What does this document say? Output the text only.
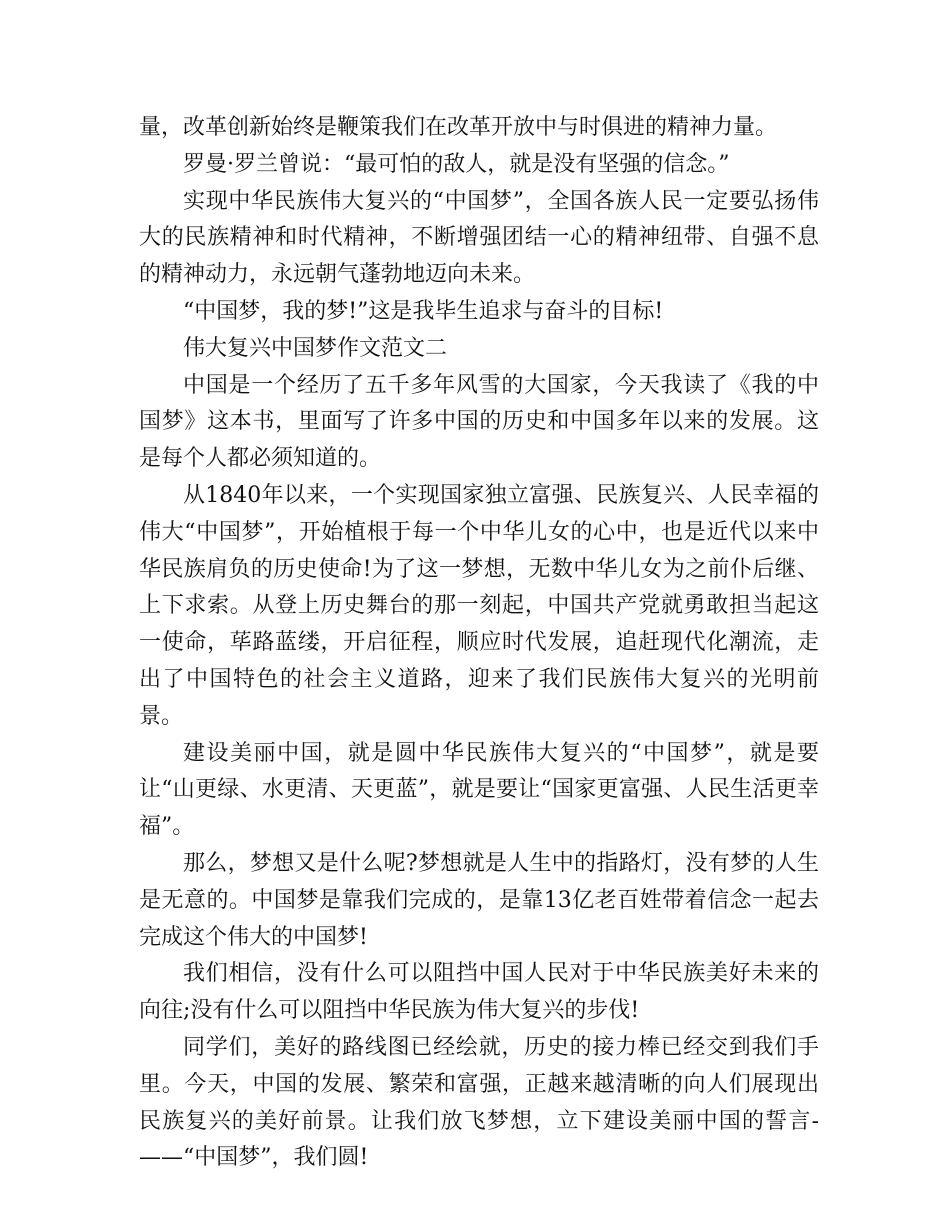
量，改革创新始终是鞭策我们在改革开放中与时俱进的精神力量。

罗曼·罗兰曾说：“最可怕的敌人，就是没有坚强的信念。”

实现中华民族伟大复兴的“中国梦”，全国各族人民一定要弘扬伟大的民族精神和时代精神，不断增强团结一心的精神纽带、自强不息的精神动力，永远朝气蓬勃地迈向未来。

“中国梦，我的梦!”这是我毕生追求与奋斗的目标!

伟大复兴中国梦作文范文二

中国是一个经历了五千多年风雪的大国家，今天我读了《我的中国梦》这本书，里面写了许多中国的历史和中国多年以来的发展。这是每个人都必须知道的。

从1840年以来，一个实现国家独立富强、民族复兴、人民幸福的伟大“中国梦”，开始植根于每一个中华儿女的心中，也是近代以来中华民族肩负的历史使命!为了这一梦想，无数中华儿女为之前仆后继、上下求索。从登上历史舞台的那一刻起，中国共产党就勇敢担当起这一使命，荜路蓝缕，开启征程，顺应时代发展，追赶现代化潮流，走出了中国特色的社会主义道路，迎来了我们民族伟大复兴的光明前景。

建设美丽中国，就是圆中华民族伟大复兴的“中国梦”，就是要让“山更绿、水更清、天更蓝”，就是要让“国家更富强、人民生活更幸福”。

那么，梦想又是什么呢?梦想就是人生中的指路灯，没有梦的人生是无意的。中国梦是靠我们完成的，是靠13亿老百姓带着信念一起去完成这个伟大的中国梦!

我们相信，没有什么可以阻挡中国人民对于中华民族美好未来的向往;没有什么可以阻挡中华民族为伟大复兴的步伐!

同学们，美好的路线图已经绘就，历史的接力棒已经交到我们手里。今天，中国的发展、繁荣和富强，正越来越清晰的向人们展现出民族复兴的美好前景。让我们放飞梦想，立下建设美丽中国的誓言-——“中国梦”，我们圆!
